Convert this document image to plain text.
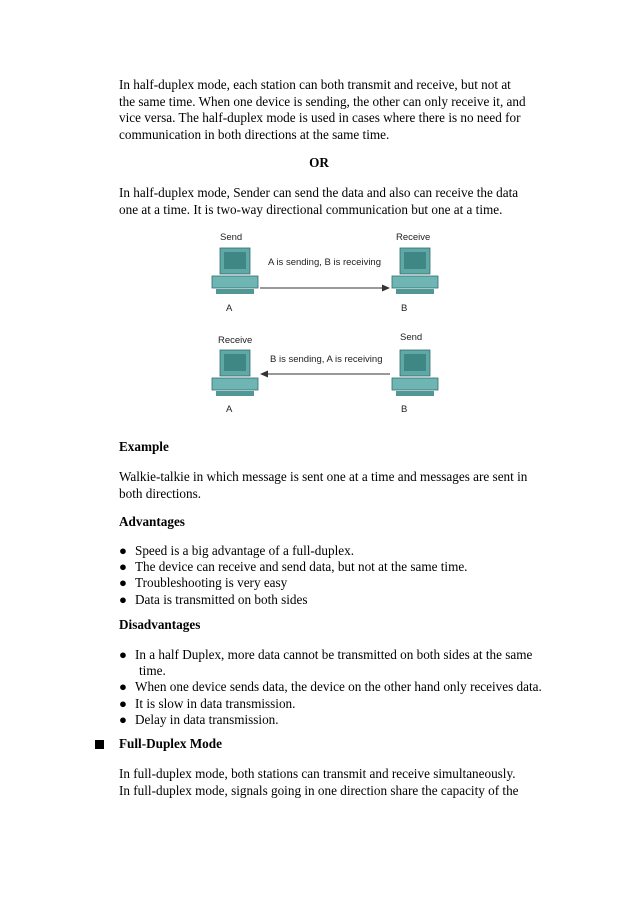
In half-duplex mode, each station can both transmit and receive, but not at
the same time. When one device is sending, the other can only receive it, and
vice versa. The half-duplex mode is used in cases where there is no need for
communication in both directions at the same time.

OR

In half-duplex mode, Sender can send the data and also can receive the data
one at a time. It is two-way directional communication but one at a time.

Send	Receive
A is sending, B is receiving
A	B
Receive	Send
B is sending, A is receiving
A	B
Example

Walkie-talkie in which message is sent one at a time and messages are sent in
both directions.

Advantages
● Speed is a big advantage of a full-duplex.
● The device can receive and send data, but not at the same time.
● Troubleshooting is very easy
● Data is transmitted on both sides
Disadvantages
● In a half Duplex, more data cannot be transmitted on both sides at the same
time.
● When one device sends data, the device on the other hand only receives data.
● It is slow in data transmission.
● Delay in data transmission.
Full-Duplex Mode

In full-duplex mode, both stations can transmit and receive simultaneously.
In full-duplex mode, signals going in one direction share the capacity of the
